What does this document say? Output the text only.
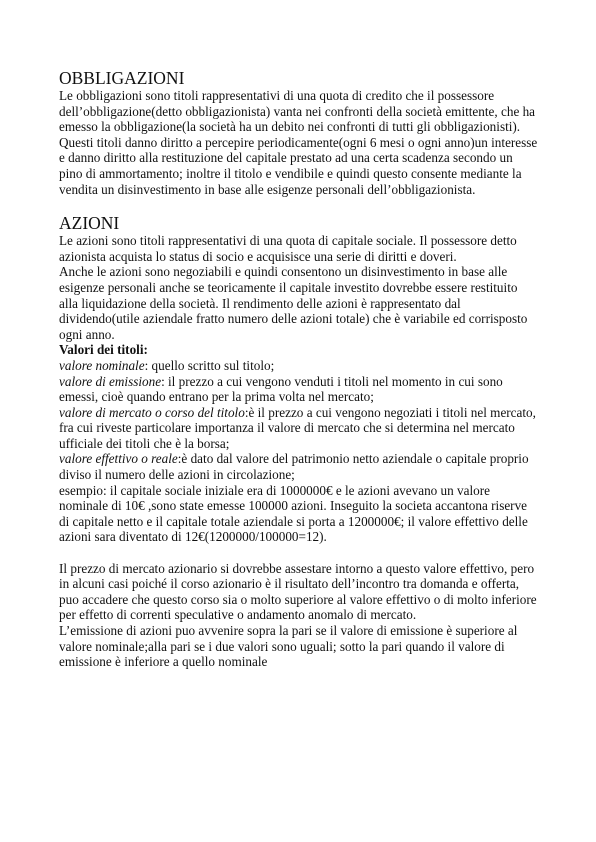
OBBLIGAZIONI

Le obbligazioni sono titoli rappresentativi di una quota di credito che il possessore dell’obbligazione(detto obbligazionista) vanta nei confronti della società emittente, che ha emesso la obbligazione(la società ha un debito nei confronti di tutti gli obbligazionisti).

Questi titoli danno diritto a percepire periodicamente(ogni 6 mesi o ogni anno)un interesse e danno diritto alla restituzione del capitale prestato ad una certa scadenza secondo un pino di ammortamento; inoltre il titolo e vendibile e quindi questo consente mediante la vendita un disinvestimento in base alle esigenze personali dell’obbligazionista.

AZIONI

Le azioni sono titoli rappresentativi di una quota di capitale sociale. Il possessore detto azionista acquista lo status di socio e acquisisce una serie di diritti e doveri.

Anche le azioni sono negoziabili e quindi consentono un disinvestimento in base alle esigenze personali anche se teoricamente il capitale investito dovrebbe essere restituito alla liquidazione della società. Il rendimento delle azioni è rappresentato dal dividendo(utile aziendale fratto numero delle azioni totale) che è variabile ed corrisposto ogni anno.

Valori dei titoli:

valore nominale: quello scritto sul titolo;

valore di emissione: il prezzo a cui vengono venduti i titoli nel momento in cui sono emessi, cioè quando entrano per la prima volta nel mercato;

valore di mercato o corso del titolo:è il prezzo a cui vengono negoziati i titoli nel mercato, fra cui riveste particolare importanza il valore di mercato che si determina nel mercato ufficiale dei titoli che è la borsa;

valore effettivo o reale:è dato dal valore del patrimonio netto aziendale o capitale proprio diviso il numero delle azioni in circolazione;

esempio: il capitale sociale iniziale era di 1000000€ e le azioni avevano un valore nominale di 10€ ,sono state emesse 100000 azioni. Inseguito la societa accantona riserve di capitale netto e il capitale totale aziendale si porta a 1200000€; il valore effettivo delle azioni sara diventato di 12€(1200000/100000=12).

Il prezzo di mercato azionario si dovrebbe assestare intorno a questo valore effettivo, pero in alcuni casi poiché il corso azionario è il risultato dell’incontro tra domanda e offerta, puo accadere che questo corso sia o molto superiore al valore effettivo o di molto inferiore per effetto di correnti speculative o andamento anomalo di mercato.

L’emissione di azioni puo avvenire sopra la pari se il valore di emissione è superiore al valore nominale;alla pari se i due valori sono uguali; sotto la pari quando il valore di emissione è inferiore a quello nominale
